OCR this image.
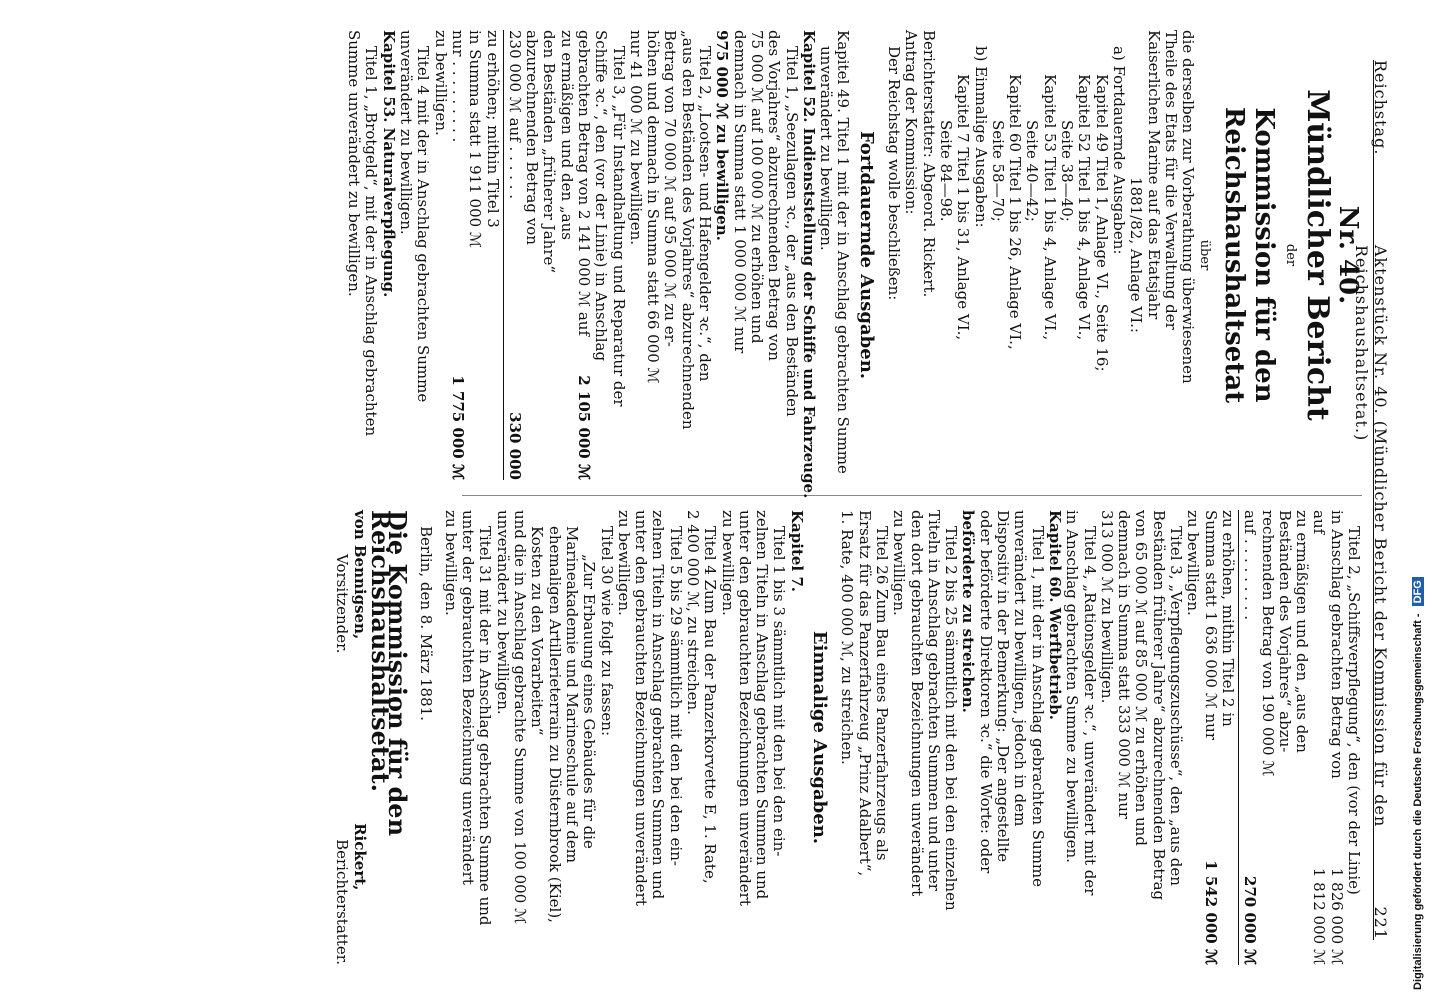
Reichstag.
Aktenstück Nr. 40. (Mündlicher Bericht der Kommission für den Reichshaushaltsetat.)
221
Nr. 40.
Mündlicher Bericht
der
Kommission für den Reichshaushaltsetat
über
die derselben zur Vorberathung überwiesenen
Theile des Etats für die Verwaltung der
Kaiserlichen Marine auf das Etatsjahr
1881/82, Anlage VI.:
a) Fortdauernde Ausgaben:
Kapitel 49 Titel 1, Anlage VI., Seite 16;
Kapitel 52 Titel 1 bis 4, Anlage VI.,
Seite 38—40;
Kapitel 53 Titel 1 bis 4, Anlage VI.,
Seite 40—42;
Kapitel 60 Titel 1 bis 26, Anlage VI.,
Seite 58—70;
b) Einmalige Ausgaben:
Kapitel 7 Titel 1 bis 31, Anlage VI.,
Seite 84—98.
Berichterstatter: Abgeord. Rickert.
Antrag der Kommission:
Der Reichstag wolle beschließen:
Fortdauernde Ausgaben.
Kapitel 49. Titel 1 mit der in Anschlag gebrachten Summe
unverändert zu bewilligen.
Kapitel 52. Indienststellung der Schiffe und Fahrzeuge.
Titel 1, „Seezulagen ꝛc., der „aus den Beständen
des Vorjahres“ abzurechnenden Betrag von
75 000 ℳ auf 100 000 ℳ zu erhöhen und
demnach in Summa statt 1 000 000 ℳ nur
975 000 ℳ zu bewilligen.
Titel 2, „Lootsen- und Hafengelder ꝛc.“, den
„aus den Beständen des Vorjahres“ abzurechnenden
Betrag von 70 000 ℳ auf 95 000 ℳ zu er-
höhen und demnach in Summa statt 66 000 ℳ
nur 41 000 ℳ zu bewilligen.
Titel 3, „Für Instandhaltung und Reparatur der
Schiffe ꝛc.“, den (vor der Linie) in Anschlag
gebrachten Betrag von 2 141 000 ℳ auf
2 105 000 ℳ
zu ermäßigen und den „aus
den Beständen „früherer Jahre“
abzurechnenden Betrag von
230 000 ℳ auf . . . . . .
330 000
zu erhöhen; mithin Titel 3
in Summa statt 1 911 000 ℳ
nur . . . . . . . . .
1 775 000 ℳ
zu bewilligen.
Titel 4 mit der in Anschlag gebrachten Summe
unverändert zu bewilligen.
Kapitel 53. Naturalverpflegung.
Titel 1, „Brotgeld“, mit der in Anschlag gebrachten
Summe unverändert zu bewilligen.
Titel 2, „Schiffsverpflegung“, den (vor der Linie)
in Anschlag gebrachten Betrag von
1 826 000 ℳ
auf
1 812 000 ℳ
zu ermäßigen und den „aus den
Beständen des Vorjahres“ abzu-
rechnenden Betrag von 190 000 ℳ
auf . . . . . . . . .
270 000 ℳ
zu erhöhen, mithin Titel 2 in
Summa statt 1 636 000 ℳ nur
1 542 000 ℳ
zu bewilligen.
Titel 3, „Verpflegungszuschüsse“, den „aus den
Beständen früherer Jahre“ abzurechnenden Betrag
von 65 000 ℳ auf 85 000 ℳ zu erhöhen und
demnach in Summa statt 333 000 ℳ nur
313 000 ℳ zu bewilligen.
Titel 4, „Rationsgelder ꝛc.“, unverändert mit der
in Anschlag gebrachten Summe zu bewilligen.
Kapitel 60. Werftbetrieb.
Titel 1, mit der in Anschlag gebrachten Summe
unverändert zu bewilligen, jedoch in dem
Dispositiv in der Bemerkung: „Der angestellte
oder beförderte Direktoren ꝛc.“ die Worte: oder
beförderte zu streichen.
Titel 2 bis 25 sämmtlich mit den bei den einzelnen
Titeln in Anschlag gebrachten Summen und unter
den dort gebrauchten Bezeichnungen unverändert
zu bewilligen.
Titel 26 Zum Bau eines Panzerfahrzeugs als
Ersatz für das Panzerfahrzeug „Prinz Adalbert“,
1. Rate, 400 000 ℳ, zu streichen.
Einmalige Ausgaben.
Kapitel 7.
Titel 1 bis 3 sämmtlich mit den bei den ein-
zelnen Titeln in Anschlag gebrachten Summen und
unter den gebrauchten Bezeichnungen unverändert
zu bewilligen.
Titel 4 Zum Bau der Panzerkorvette E, 1. Rate,
2 400 000 ℳ, zu streichen.
Titel 5 bis 29 sämmtlich mit den bei den ein-
zelnen Titeln in Anschlag gebrachten Summen und
unter den gebrauchten Bezeichnungen unverändert
zu bewilligen.
Titel 30 wie folgt zu fassen:
„Zur Erbauung eines Gebäudes für die
Marineakademie und Marineschule auf dem
ehemaligen Artillerieterrain zu Düsternbrook (Kiel),
Kosten zu den Vorarbeiten“
und die in Anschlag gebrachte Summe von 100 000 ℳ
unverändert zu bewilligen.
Titel 31 mit der in Anschlag gebrachten Summe und
unter der gebrauchten Bezeichnung unverändert
zu bewilligen.
Berlin, den 8. März 1881.
Die Kommission für den Reichshaushaltsetat.
von Bennigsen,
Vorsitzender.
Rickert,
Berichterstatter.	Digitalisierung gefördert durch die Deutsche Forschungsgemeinschaft - DFG
